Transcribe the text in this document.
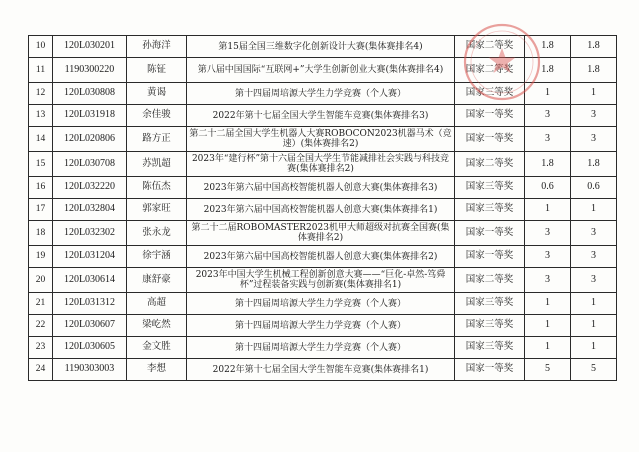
10	120L030201	孙海洋	第15届全国三维数字化创新设计大赛(集体赛排名4)	国家二等奖	1.8	1.8
11	1190300220	陈钲	第八届中国国际“互联网+”大学生创新创业大赛(集体赛排名4)	国家二等奖	1.8	1.8
12	120L030808	黄谒	第十四届周培源大学生力学竞赛（个人赛）	国家三等奖	1	1
13	120L031918	余佳骏	2022年第十七届全国大学生智能车竞赛(集体赛排名3)	国家一等奖	3	3
14	120L020806	路方正	第二十二届全国大学生机器人大赛ROBOCON2023机器马术（竞速）(集体赛排名2)	国家一等奖	3	3
15	120L030708	苏凯超	2023年“建行杯”第十六届全国大学生节能减排社会实践与科技竞赛(集体赛排名2)	国家二等奖	1.8	1.8
16	120L032220	陈伍杰	2023年第六届中国高校智能机器人创意大赛(集体赛排名3)	国家三等奖	0.6	0.6
17	120L032804	郭家旺	2023年第六届中国高校智能机器人创意大赛(集体赛排名1)	国家三等奖	1	1
18	120L032302	张永龙	第二十二届ROBOMASTER2023机甲大师超级对抗赛全国赛(集体赛排名2)	国家一等奖	3	3
19	120L031204	徐宇涵	2023年第六届中国高校智能机器人创意大赛(集体赛排名2)	国家一等奖	3	3
20	120L030614	康舒豪	2023年中国大学生机械工程创新创意大赛——“巨化-卓然-笃舜杯”过程装备实践与创新赛(集体赛排名1)	国家二等奖	3	3
21	120L031312	高超	第十四届周培源大学生力学竞赛（个人赛）	国家三等奖	1	1
22	120L030607	梁屹然	第十四届周培源大学生力学竞赛（个人赛）	国家三等奖	1	1
23	120L030605	金文胜	第十四届周培源大学生力学竞赛（个人赛）	国家三等奖	1	1
24	1190303003	李想	2022年第十七届全国大学生智能车竞赛(集体赛排名1)	国家一等奖	5	5
